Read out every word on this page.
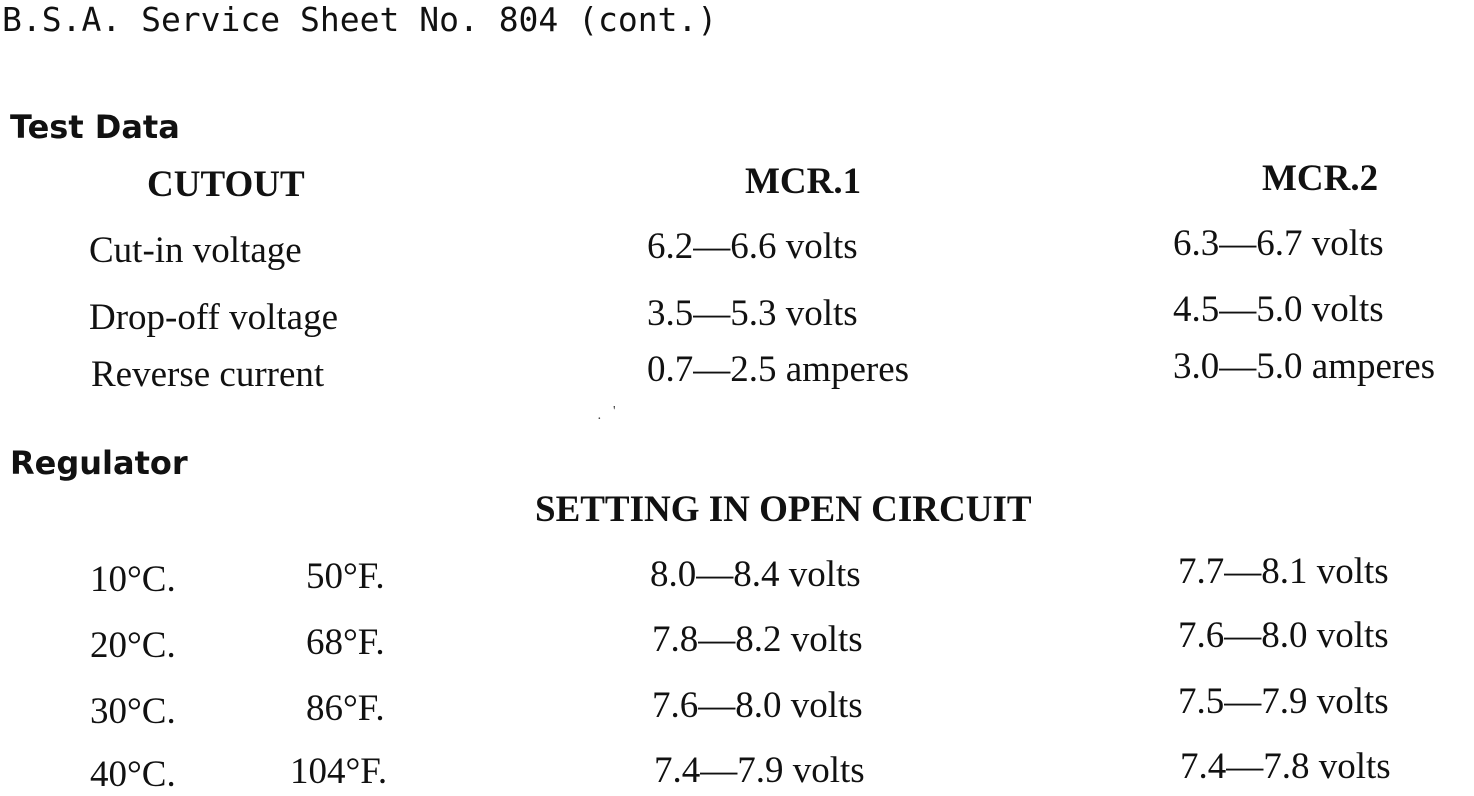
B.S.A. Service Sheet No. 804 (cont.)
Test Data
CUTOUT	MCR.1	MCR.2
Cut-in voltage	6.2—6.6 volts	6.3—6.7 volts
Drop-off voltage	3.5—5.3 volts	4.5—5.0 volts
Reverse current	0.7—2.5 amperes	3.0—5.0 amperes
·
'
Regulator
SETTING IN OPEN CIRCUIT
10°C.	50°F.	8.0—8.4 volts	7.7—8.1 volts
20°C.	68°F.	7.8—8.2 volts	7.6—8.0 volts
30°C.	86°F.	7.6—8.0 volts	7.5—7.9 volts
40°C.	104°F.	7.4—7.9 volts	7.4—7.8 volts
